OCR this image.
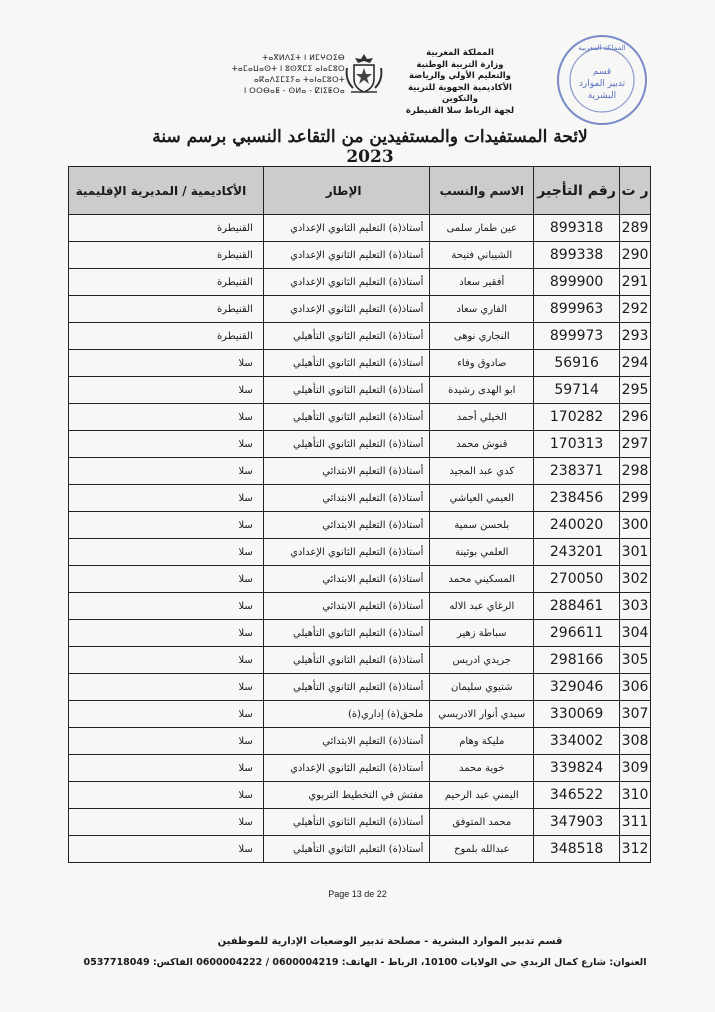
ⵜⴰⴳⵍⴷⵉⵜ ⵏ ⵍⵎⵖⵔⵉⴱ
ⵜⴰⵎⴰⵡⴰⵙⵜ ⵏ ⵓⵙⴳⵎⵉ ⴰⵏⴰⵎⵓⵔ
ⴰⴽⴰⴷⵉⵎⵉⵢⴰ ⵜⴰⵏⴰⵎⵓⵔⵜ
ⵏ ⵔⵔⴱⴰⵟ - ⵙⵍⴰ - ⵇⵏⵉⵟⵔⴰ
المملكة المغربية
وزارة التربية الوطنية
والتعليم الأولي والرياضة
الأكاديمية الجهوية للتربية والتكوين
لجهة الرباط سلا القنيطرة
المملكة المغربية
قسم
تدبير الموارد
البشرية
لائحة المستفيدات والمستفيدين من التقاعد النسبي برسم سنة 2023
ر ت	رقم التأجير	الاسم والنسب	الإطار	الأكاديمية / المديرية الإقليمية
289	899318	عين طمار سلمى	أستاذ(ة) التعليم الثانوي الإعدادي	القنيطرة
290	899338	الشيباني فتيحة	أستاذ(ة) التعليم الثانوي الإعدادي	القنيطرة
291	899900	أفقير سعاد	أستاذ(ة) التعليم الثانوي الإعدادي	القنيطرة
292	899963	الفاري سعاد	أستاذ(ة) التعليم الثانوي الإعدادي	القنيطرة
293	899973	النجاري نوهى	أستاذ(ة) التعليم الثانوي التأهيلي	القنيطرة
294	56916	صادوق وفاء	أستاذ(ة) التعليم الثانوي التأهيلي	سلا
295	59714	ابو الهدى رشيدة	أستاذ(ة) التعليم الثانوي التأهيلي	سلا
296	170282	الخيلي أحمد	أستاذ(ة) التعليم الثانوي التأهيلي	سلا
297	170313	قنوش محمد	أستاذ(ة) التعليم الثانوي التأهيلي	سلا
298	238371	كدي عبد المجيد	أستاذ(ة) التعليم الابتدائي	سلا
299	238456	العيمي العياشي	أستاذ(ة) التعليم الابتدائي	سلا
300	240020	بلحسن سمية	أستاذ(ة) التعليم الابتدائي	سلا
301	243201	العلمي بوثينة	أستاذ(ة) التعليم الثانوي الإعدادي	سلا
302	270050	المسكيني محمد	أستاذ(ة) التعليم الابتدائي	سلا
303	288461	الرغاي عبد الاله	أستاذ(ة) التعليم الابتدائي	سلا
304	296611	سباطة زهير	أستاذ(ة) التعليم الثانوي التأهيلي	سلا
305	298166	جريدي ادريس	أستاذ(ة) التعليم الثانوي التأهيلي	سلا
306	329046	شتيوي سليمان	أستاذ(ة) التعليم الثانوي التأهيلي	سلا
307	330069	سيدي أنوار الادريسي	ملحق(ة) إداري(ة)	سلا
308	334002	مليكة وهام	أستاذ(ة) التعليم الابتدائي	سلا
309	339824	خوية محمد	أستاذ(ة) التعليم الثانوي الإعدادي	سلا
310	346522	اليمني عبد الرحيم	مفتش في التخطيط التربوي	سلا
311	347903	محمد المتوفق	أستاذ(ة) التعليم الثانوي التأهيلي	سلا
312	348518	عبدالله بلموح	أستاذ(ة) التعليم الثانوي التأهيلي	سلا
Page 13 de 22
قسم تدبير الموارد البشرية - مصلحة تدبير الوضعيات الإدارية للموظفين
العنوان: شارع كمال الزبدي حي الولايات 10100، الرباط - الهاتف: 0600004219 / 0600004222 الفاكس: 0537718049
